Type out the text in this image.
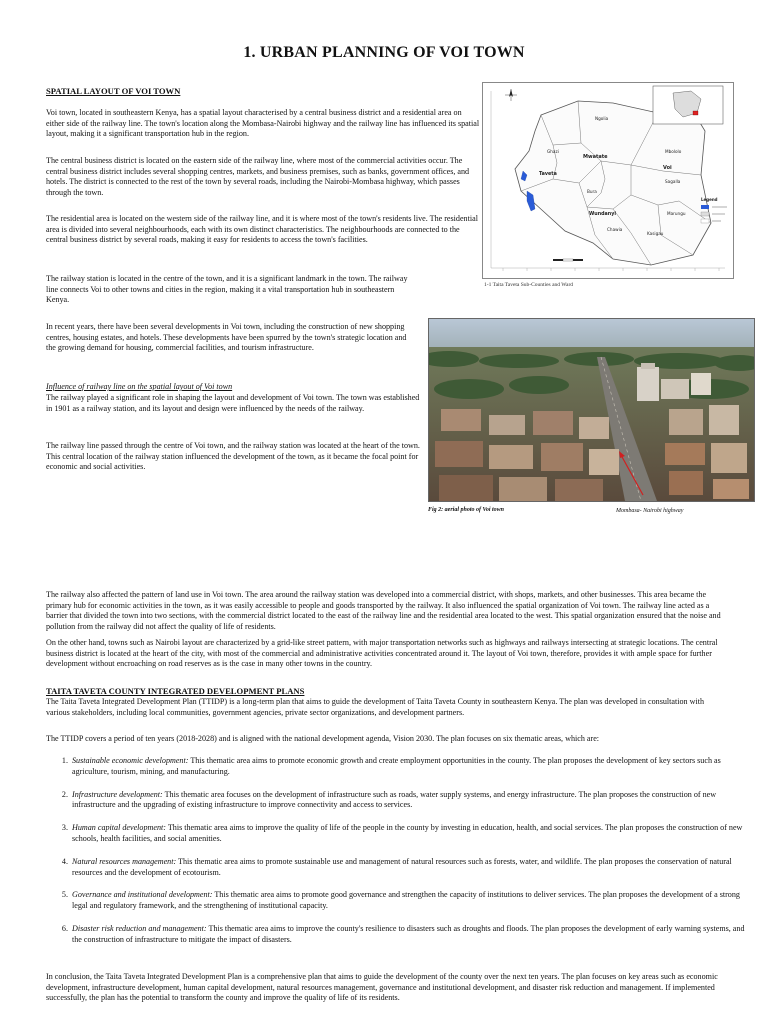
1. URBAN PLANNING OF VOI TOWN
SPATIAL LAYOUT OF VOI TOWN

Voi town, located in southeastern Kenya, has a spatial layout characterised by a central business district and a residential area on either side of the railway line. The town's location along the Mombasa-Nairobi highway and the railway line has influenced its spatial layout, making it a significant transportation hub in the region.

The central business district is located on the eastern side of the railway line, where most of the commercial activities occur. The central business district includes several shopping centres, markets, and business premises, such as banks, government offices, and hotels. The district is connected to the rest of the town by several roads, including the Nairobi-Mombasa highway, which passes through the town.

The residential area is located on the western side of the railway line, and it is where most of the town's residents live. The residential area is divided into several neighbourhoods, each with its own distinct characteristics. The neighbourhoods are connected to the central business district by several roads, making it easy for residents to access the town's facilities.

The railway station is located in the centre of the town, and it is a significant landmark in the town. The railway line connects Voi to other towns and cities in the region, making it a vital transportation hub in southeastern Kenya.

In recent years, there have been several developments in Voi town, including the construction of new shopping centres, housing estates, and hotels. These developments have been spurred by the town's strategic location and the growing demand for housing, commercial facilities, and tourism infrastructure.

Influence of railway line on the spatial layout of Voi town

The railway played a significant role in shaping the layout and development of Voi town. The town was established in 1901 as a railway station, and its layout and design were influenced by the needs of the railway.

The railway line passed through the centre of Voi town, and the railway station was located at the heart of the town. This central location of the railway station influenced the development of the town, as it became the focal point for economic and social activities.

Ngolia
Mwatate
Mbololo
Voi
Sagalla
Taveta
Wundanyi
Ghazi
Bura
Chawia
Marungu
Kasigau
Legend
1-1 Taita Taveta Sub-Counties and Ward
Fig 2: aerial photo of Voi town	Mombasa- Nairobi highway

The railway also affected the pattern of land use in Voi town. The area around the railway station was developed into a commercial district, with shops, markets, and other businesses. This area became the primary hub for economic activities in the town, as it was easily accessible to people and goods transported by the railway. It also influenced the spatial organization of Voi town. The railway line acted as a barrier that divided the town into two sections, with the commercial district located to the east of the railway line and the residential area located to the west. This spatial organization ensured that the noise and pollution from the railway did not affect the quality of life of residents.

On the other hand, towns such as Nairobi layout are characterized by a grid-like street pattern, with major transportation networks such as highways and railways intersecting at strategic locations. The central business district is located at the heart of the city, with most of the commercial and administrative activities concentrated around it. The layout of Voi town, therefore, provides it with ample space for further development without encroaching on road reserves as is the case in many other towns in the country.

TAITA TAVETA COUNTY INTEGRATED DEVELOPMENT PLANS

The Taita Taveta Integrated Development Plan (TTIDP) is a long-term plan that aims to guide the development of Taita Taveta County in southeastern Kenya. The plan was developed in consultation with various stakeholders, including local communities, government agencies, private sector organizations, and development partners.

The TTIDP covers a period of ten years (2018-2028) and is aligned with the national development agenda, Vision 2030. The plan focuses on six thematic areas, which are:

1. Sustainable economic development: This thematic area aims to promote economic growth and create employment opportunities in the county. The plan proposes the development of key sectors such as agriculture, tourism, mining, and manufacturing.
2. Infrastructure development: This thematic area focuses on the development of infrastructure such as roads, water supply systems, and energy infrastructure. The plan proposes the construction of new infrastructure and the upgrading of existing infrastructure to improve connectivity and access to services.
3. Human capital development: This thematic area aims to improve the quality of life of the people in the county by investing in education, health, and social services. The plan proposes the construction of new schools, health facilities, and social amenities.
4. Natural resources management: This thematic area aims to promote sustainable use and management of natural resources such as forests, water, and wildlife. The plan proposes the conservation of natural resources and the development of ecotourism.
5. Governance and institutional development: This thematic area aims to promote good governance and strengthen the capacity of institutions to deliver services. The plan proposes the development of a strong legal and regulatory framework, and the strengthening of institutional capacity.
6. Disaster risk reduction and management: This thematic area aims to improve the county's resilience to disasters such as droughts and floods. The plan proposes the development of early warning systems, and the construction of infrastructure to mitigate the impact of disasters.

In conclusion, the Taita Taveta Integrated Development Plan is a comprehensive plan that aims to guide the development of the county over the next ten years. The plan focuses on key areas such as economic development, infrastructure development, human capital development, natural resources management, governance and institutional development, and disaster risk reduction and management. If implemented successfully, the plan has the potential to transform the county and improve the quality of life of its residents.
